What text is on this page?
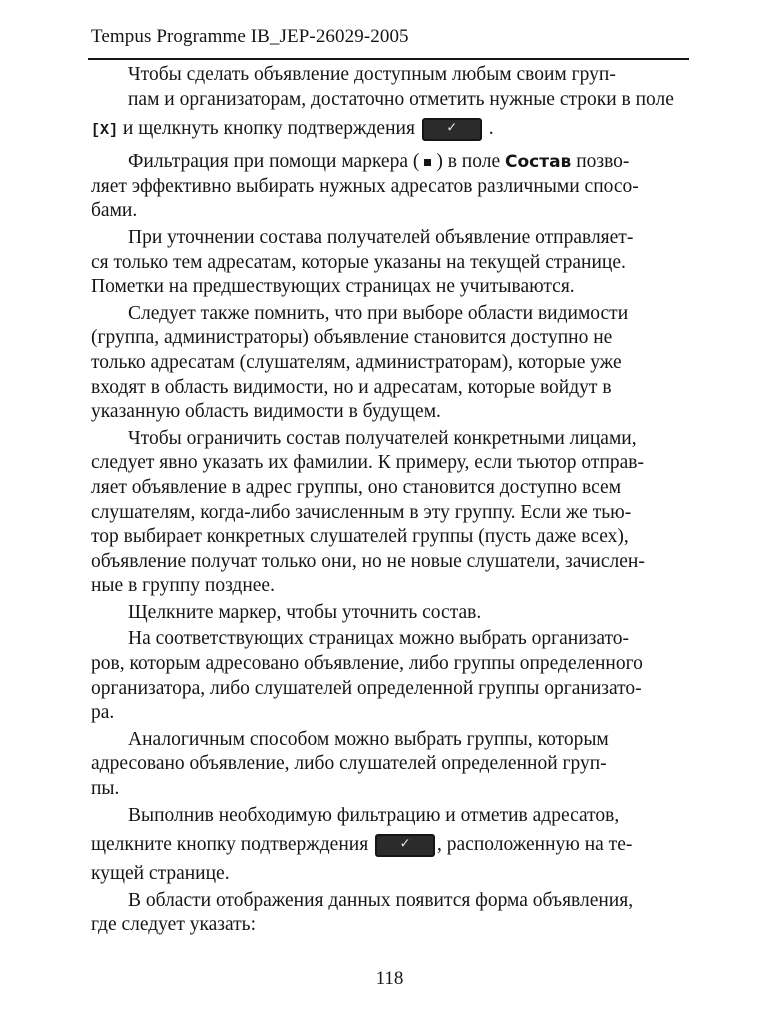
Tempus Programme IB_JEP-26029-2005

Чтобы сделать объявление доступным любым своим груп-
пам и организаторам, достаточно отметить нужные строки в поле
[X] и щелкнуть кнопку подтверждения ✓	.

Фильтрация при помощи маркера ( ) в поле Состав позво-
ляет эффективно выбирать нужных адресатов различными спосо-
бами.

При уточнении состава получателей объявление отправляет-
ся только тем адресатам, которые указаны на текущей странице.
Пометки на предшествующих страницах не учитываются.

Следует также помнить, что при выборе области видимости
(группа, администраторы) объявление становится доступно не
только адресатам (слушателям, администраторам), которые уже
входят в область видимости, но и адресатам, которые войдут в
указанную область видимости в будущем.

Чтобы ограничить состав получателей конкретными лицами,
следует явно указать их фамилии. К примеру, если тьютор отправ-
ляет объявление в адрес группы, оно становится доступно всем
слушателям, когда-либо зачисленным в эту группу. Если же тью-
тор выбирает конкретных слушателей группы (пусть даже всех),
объявление получат только они, но не новые слушатели, зачислен-
ные в группу позднее.

Щелкните маркер, чтобы уточнить состав.

На соответствующих страницах можно выбрать организато-
ров, которым адресовано объявление, либо группы определенного
организатора, либо слушателей определенной группы организато-
ра.

Аналогичным способом можно выбрать группы, которым
адресовано объявление, либо слушателей определенной груп-
пы.

Выполнив необходимую фильтрацию и отметив адресатов,
щелкните кнопку подтверждения ✓	, расположенную на те-
кущей странице.

В области отображения данных появится форма объявления,
где следует указать:

118
